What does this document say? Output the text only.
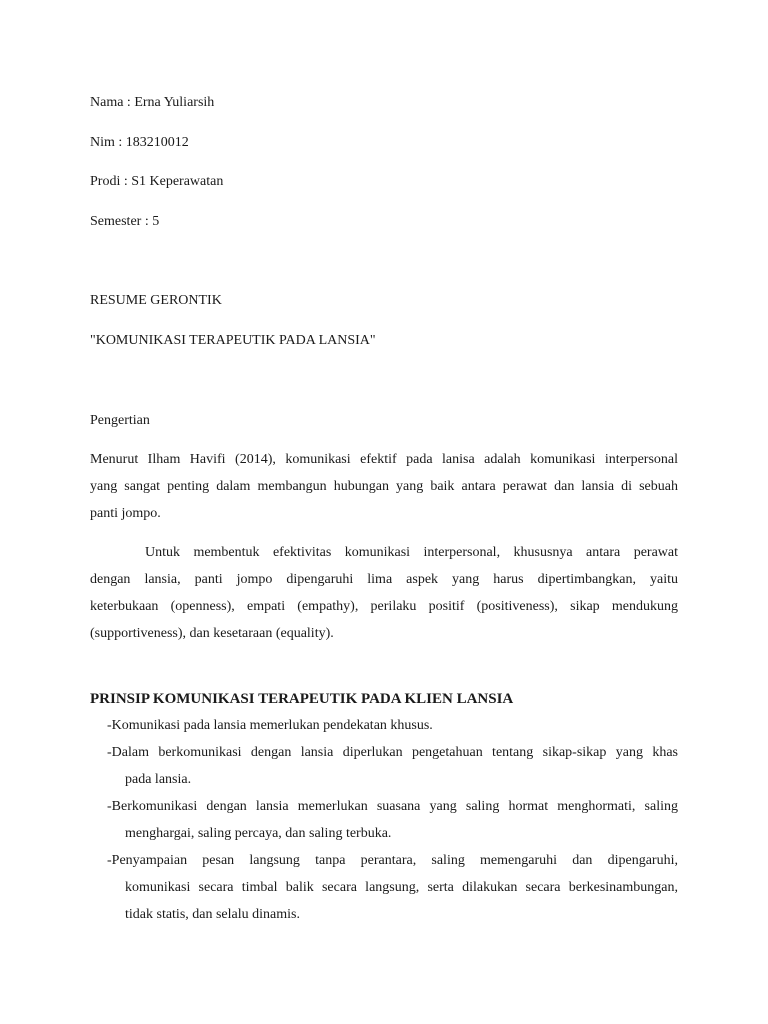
Nama : Erna Yuliarsih
Nim : 183210012
Prodi : S1 Keperawatan
Semester : 5
RESUME GERONTIK
"KOMUNIKASI TERAPEUTIK PADA LANSIA"
Pengertian
Menurut Ilham Havifi (2014), komunikasi efektif pada lanisa adalah komunikasi interpersonal
yang sangat penting dalam membangun hubungan yang baik antara perawat dan lansia di sebuah
panti jompo.
Untuk membentuk efektivitas komunikasi interpersonal, khususnya antara perawat
dengan lansia, panti jompo dipengaruhi lima aspek yang harus dipertimbangkan, yaitu
keterbukaan (openness), empati (empathy), perilaku positif (positiveness), sikap mendukung
(supportiveness), dan kesetaraan (equality).
PRINSIP KOMUNIKASI TERAPEUTIK PADA KLIEN LANSIA
-Komunikasi pada lansia memerlukan pendekatan khusus.
-Dalam berkomunikasi dengan lansia diperlukan pengetahuan tentang sikap-sikap yang khas
pada lansia.
-Berkomunikasi dengan lansia memerlukan suasana yang saling hormat menghormati, saling
menghargai, saling percaya, dan saling terbuka.
-Penyampaian pesan langsung tanpa perantara, saling memengaruhi dan dipengaruhi,
komunikasi secara timbal balik secara langsung, serta dilakukan secara berkesinambungan,
tidak statis, dan selalu dinamis.
